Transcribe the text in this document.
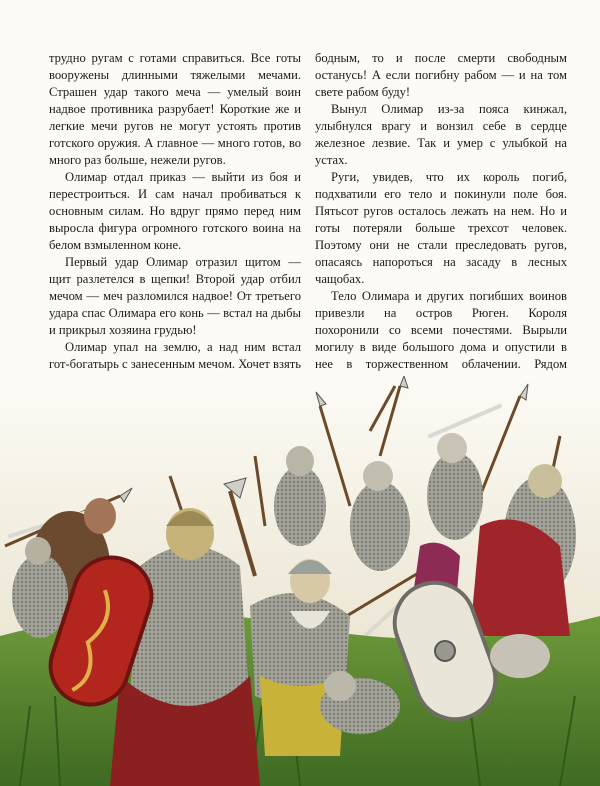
трудно ругам с готами справиться. Все готы вооружены длинными тяжелыми мечами. Страшен удар такого меча — умелый воин надвое противника разрубает! Короткие же и легкие мечи ругов не могут устоять против готского оружия. А главное — много готов, во много раз больше, нежели ругов.

Олимар отдал приказ — выйти из боя и перестроиться. И сам начал пробиваться к основным силам. Но вдруг прямо перед ним выросла фигура огромного готского воина на белом взмыленном коне.

Первый удар Олимар отразил щитом — щит разлетелся в щепки! Второй удар отбил мечом — меч разломился надвое! От третьего удара спас Олимара его конь — встал на дыбы и прикрыл хозяина грудью!

Олимар упал на землю, а над ним встал гот-богатырь с занесенным мечом. Хочет взять

бодным, то и после смерти свободным останусь! А если погибну рабом — и на том свете рабом буду!

Вынул Олимар из-за пояса кинжал, улыбнулся врагу и вонзил себе в сердце железное лезвие. Так и умер с улыбкой на устах.

Руги, увидев, что их король погиб, подхватили его тело и покинули поле боя. Пятьсот ругов осталось лежать на нем. Но и готы потеряли больше трехсот человек. Поэтому они не стали преследовать ругов, опасаясь напороться на засаду в лесных чащобах.

Тело Олимара и других погибших воинов привезли на остров Рюген. Короля похоронили со всеми почестями. Вырыли могилу в виде большого дома и опустили в нее в торжественном облачении. Рядом
